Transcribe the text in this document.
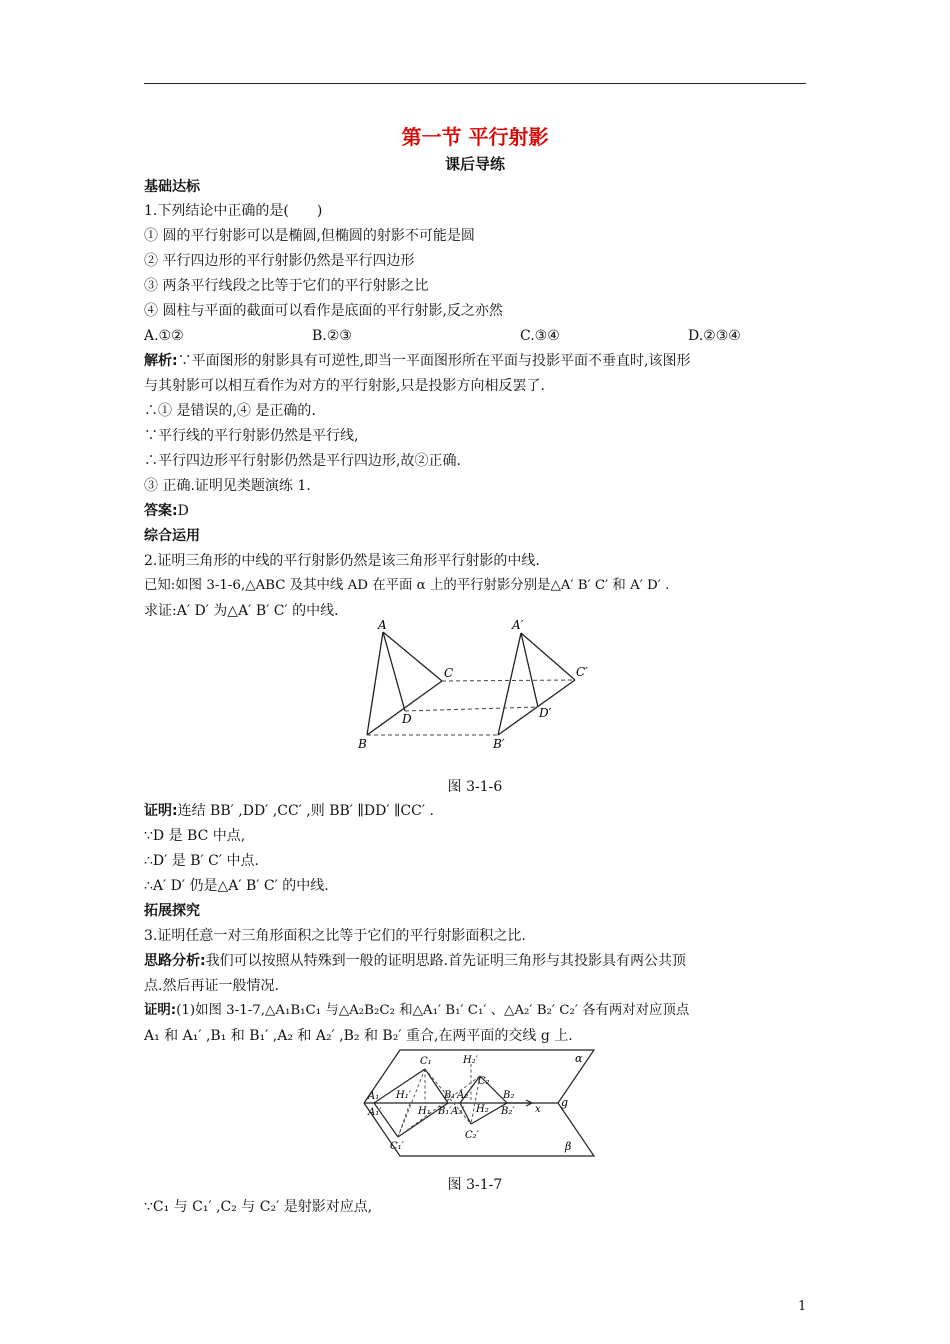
第一节 平行射影
课后导练
基础达标
1.下列结论中正确的是(　　)
① 圆的平行射影可以是椭圆,但椭圆的射影不可能是圆
② 平行四边形的平行射影仍然是平行四边形
③ 两条平行线段之比等于它们的平行射影之比
④ 圆柱与平面的截面可以看作是底面的平行射影,反之亦然
A.①②	B.②③	C.③④	D.②③④
解析:∵平面图形的射影具有可逆性,即当一平面图形所在平面与投影平面不垂直时,该图形
与其射影可以相互看作为对方的平行射影,只是投影方向相反罢了.
∴① 是错误的,④ 是正确的.
∵平行线的平行射影仍然是平行线,
∴平行四边形平行射影仍然是平行四边形,故②正确.
③ 正确.证明见类题演练 1.
答案:D
综合运用
2.证明三角形的中线的平行射影仍然是该三角形平行射影的中线.
已知:如图 3-1-6,△ABC 及其中线 AD 在平面 α 上的平行射影分别是△A′ B′ C′ 和 A′ D′ .
求证:A′ D′ 为△A′ B′ C′ 的中线.
A
C
D
B
A′
C′
D′
B′
图 3-1-6
证明:连结 BB′ ,DD′ ,CC′ ,则 BB′ ∥DD′ ∥CC′ .
∵D 是 BC 中点,
∴D′ 是 B′ C′ 中点.
∴A′ D′ 仍是△A′ B′ C′ 的中线.
拓展探究
3.证明任意一对三角形面积之比等于它们的平行射影面积之比.
思路分析:我们可以按照从特殊到一般的证明思路.首先证明三角形与其投影具有两公共顶
点.然后再证一般情况.
证明:(1)如图 3-1-7,△A₁B₁C₁ 与△A₂B₂C₂ 和△A₁′ B₁′ C₁′ 、△A₂′ B₂′ C₂′ 各有两对对应顶点
A₁ 和 A₁′ ,B₁ 和 B₁′ ,A₂ 和 A₂′ ,B₂ 和 B₂′ 重合,在两平面的交线 g 上.
α
β
g
x
A₁
A₁′
C₁
C₁′
H₁′
H₁
B₁
B₁′
A₂
A₂′
H₂′
H₂
C₂
C₂′
B₂
B₂′
图 3-1-7
∵C₁ 与 C₁′ ,C₂ 与 C₂′ 是射影对应点,
1
